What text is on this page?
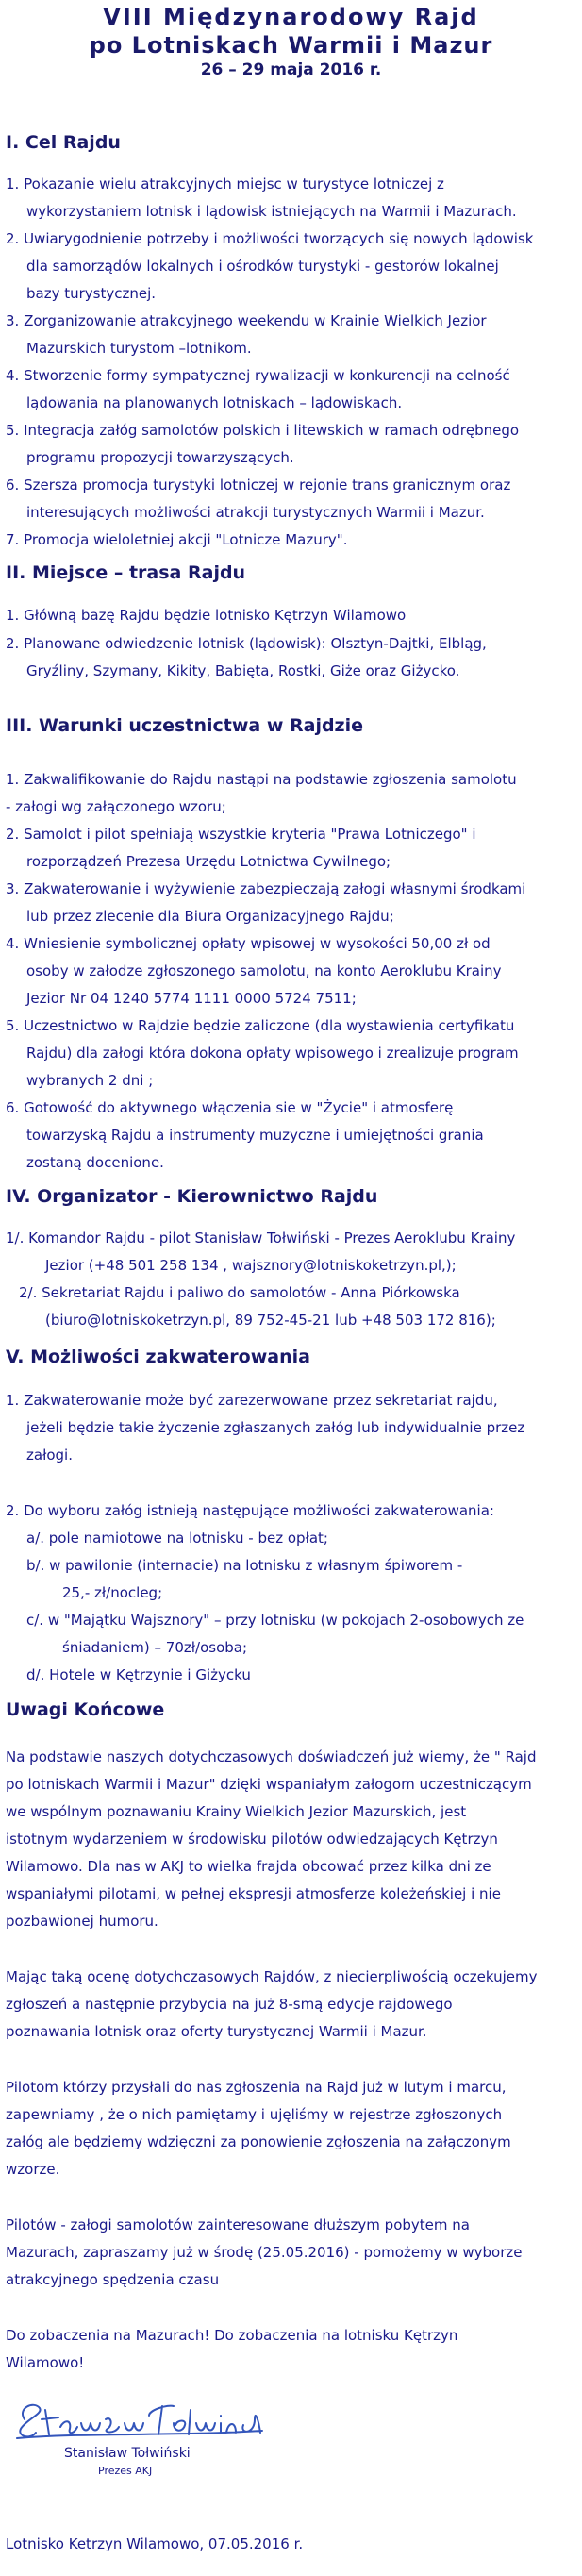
VIII Międzynarodowy Rajd
po Lotniskach Warmii i Mazur
26 – 29 maja 2016 r.
I. Cel Rajdu

1. Pokazanie wielu atrakcyjnych miejsc w turystyce lotniczej z

wykorzystaniem lotnisk i lądowisk istniejących na Warmii i Mazurach.

2. Uwiarygodnienie potrzeby i możliwości tworzących się nowych lądowisk

dla samorządów lokalnych i ośrodków turystyki - gestorów lokalnej

bazy turystycznej.

3. Zorganizowanie atrakcyjnego weekendu w Krainie Wielkich Jezior

Mazurskich turystom –lotnikom.

4. Stworzenie formy sympatycznej rywalizacji w konkurencji na celność

lądowania na planowanych lotniskach – lądowiskach.

5. Integracja załóg samolotów polskich i litewskich w ramach odrębnego

programu propozycji towarzyszących.

6. Szersza promocja turystyki lotniczej w rejonie trans granicznym oraz

interesujących możliwości atrakcji turystycznych Warmii i Mazur.

7. Promocja wieloletniej akcji "Lotnicze Mazury".

II. Miejsce – trasa Rajdu

1. Główną bazę Rajdu będzie lotnisko Kętrzyn Wilamowo

2. Planowane odwiedzenie lotnisk (lądowisk): Olsztyn-Dajtki, Elbląg,

Gryźliny, Szymany, Kikity, Babięta, Rostki, Giże oraz Giżycko.

III. Warunki uczestnictwa w Rajdzie

1. Zakwalifikowanie do Rajdu nastąpi na podstawie zgłoszenia samolotu

- załogi wg załączonego wzoru;

2. Samolot i pilot spełniają wszystkie kryteria "Prawa Lotniczego" i

rozporządzeń Prezesa Urzędu Lotnictwa Cywilnego;

3. Zakwaterowanie i wyżywienie zabezpieczają załogi własnymi środkami

lub przez zlecenie dla Biura Organizacyjnego Rajdu;

4. Wniesienie symbolicznej opłaty wpisowej w wysokości 50,00 zł od

osoby w załodze zgłoszonego samolotu, na konto Aeroklubu Krainy

Jezior Nr 04 1240 5774 1111 0000 5724 7511;

5. Uczestnictwo w Rajdzie będzie zaliczone (dla wystawienia certyfikatu

Rajdu) dla załogi która dokona opłaty wpisowego i zrealizuje program

wybranych 2 dni ;

6. Gotowość do aktywnego włączenia sie w "Życie" i atmosferę

towarzyską Rajdu a instrumenty muzyczne i umiejętności grania

zostaną docenione.

IV. Organizator - Kierownictwo Rajdu

1/. Komandor Rajdu - pilot Stanisław Tołwiński - Prezes Aeroklubu Krainy

Jezior (+48 501 258 134 , wajsznory@lotniskoketrzyn.pl,);

2/. Sekretariat Rajdu i paliwo do samolotów - Anna Piórkowska

(biuro@lotniskoketrzyn.pl, 89 752-45-21 lub +48 503 172 816);

V. Możliwości zakwaterowania

1. Zakwaterowanie może być zarezerwowane przez sekretariat rajdu,

jeżeli będzie takie życzenie zgłaszanych załóg lub indywidualnie przez

załogi.

2. Do wyboru załóg istnieją następujące możliwości zakwaterowania:

a/. pole namiotowe na lotnisku - bez opłat;

b/. w pawilonie (internacie) na lotnisku z własnym śpiworem -

25,- zł/nocleg;

c/. w "Majątku Wajsznory" – przy lotnisku (w pokojach 2-osobowych ze

śniadaniem) – 70zł/osoba;

d/. Hotele w Kętrzynie i Giżycku

Uwagi Końcowe

Na podstawie naszych dotychczasowych doświadczeń już wiemy, że " Rajd

po lotniskach Warmii i Mazur" dzięki wspaniałym załogom uczestniczącym

we wspólnym poznawaniu Krainy Wielkich Jezior Mazurskich, jest

istotnym wydarzeniem w środowisku pilotów odwiedzających Kętrzyn

Wilamowo. Dla nas w AKJ to wielka frajda obcować przez kilka dni ze

wspaniałymi pilotami, w pełnej ekspresji atmosferze koleżeńskiej i nie

pozbawionej humoru.

Mając taką ocenę dotychczasowych Rajdów, z niecierpliwością oczekujemy

zgłoszeń a następnie przybycia na już 8-smą edycje rajdowego

poznawania lotnisk oraz oferty turystycznej Warmii i Mazur.

Pilotom którzy przysłali do nas zgłoszenia na Rajd już w lutym i marcu,

zapewniamy , że o nich pamiętamy i ujęliśmy w rejestrze zgłoszonych

załóg ale będziemy wdzięczni za ponowienie zgłoszenia na załączonym

wzorze.

Pilotów - załogi samolotów zainteresowane dłuższym pobytem na

Mazurach, zapraszamy już w środę (25.05.2016) - pomożemy w wyborze

atrakcyjnego spędzenia czasu

Do zobaczenia na Mazurach! Do zobaczenia na lotnisku Kętrzyn

Wilamowo!

Stanisław Tołwiński
Prezes AKJ
Lotnisko Ketrzyn Wilamowo, 07.05.2016 r.
